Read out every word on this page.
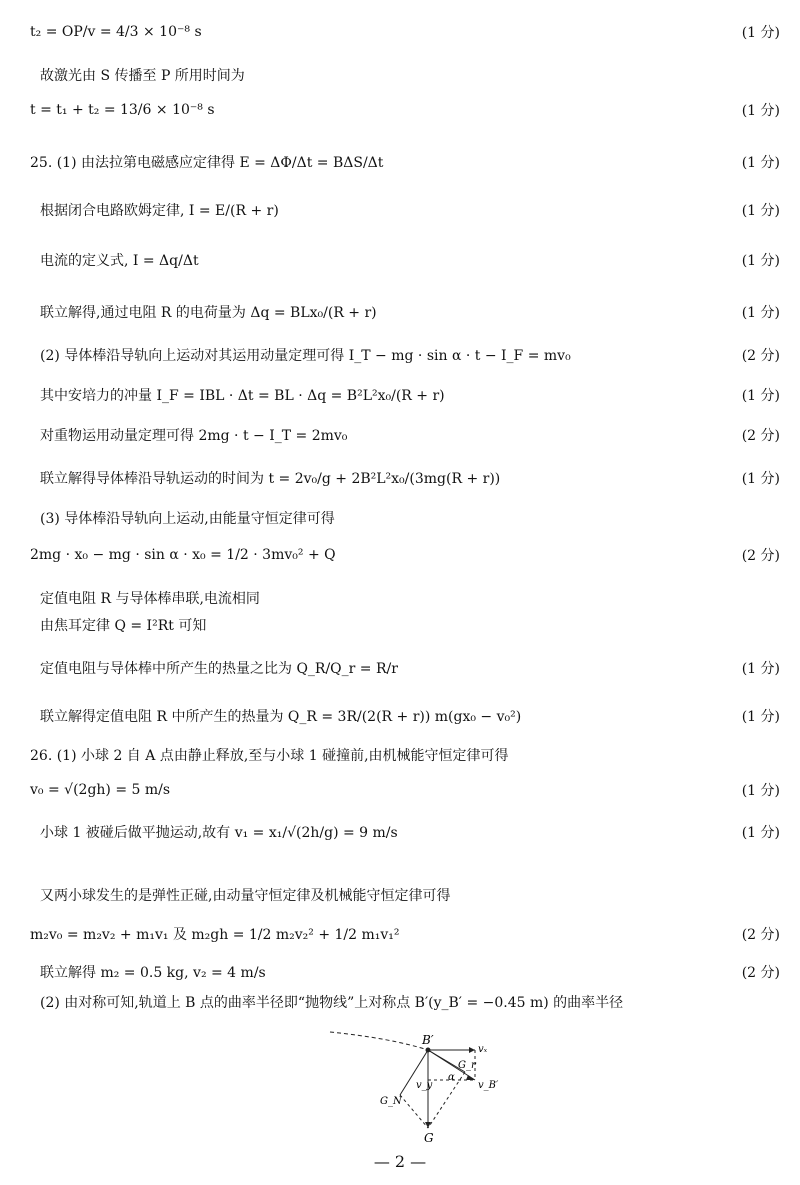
t₂ = OP/v = 4/3 × 10⁻⁸ s	(1 分)
故激光由 S 传播至 P 所用时间为
t = t₁ + t₂ = 13/6 × 10⁻⁸ s	(1 分)
25. (1) 由法拉第电磁感应定律得 E = ΔΦ/Δt = BΔS/Δt	(1 分)
根据闭合电路欧姆定律, I = E/(R + r)	(1 分)
电流的定义式, I = Δq/Δt	(1 分)
联立解得,通过电阻 R 的电荷量为 Δq = BLx₀/(R + r)	(1 分)
(2) 导体棒沿导轨向上运动对其运用动量定理可得 I_T − mg · sin α · t − I_F = mv₀	(2 分)
其中安培力的冲量 I_F = IBL · Δt = BL · Δq = B²L²x₀/(R + r)	(1 分)
对重物运用动量定理可得 2mg · t − I_T = 2mv₀	(2 分)
联立解得导体棒沿导轨运动的时间为 t = 2v₀/g + 2B²L²x₀/(3mg(R + r))	(1 分)
(3) 导体棒沿导轨向上运动,由能量守恒定律可得
2mg · x₀ − mg · sin α · x₀ = 1/2 · 3mv₀² + Q	(2 分)
定值电阻 R 与导体棒串联,电流相同
由焦耳定律 Q = I²Rt 可知
定值电阻与导体棒中所产生的热量之比为 Q_R/Q_r = R/r	(1 分)
联立解得定值电阻 R 中所产生的热量为 Q_R = 3R/(2(R + r)) m(gx₀ − v₀²)	(1 分)
26. (1) 小球 2 自 A 点由静止释放,至与小球 1 碰撞前,由机械能守恒定律可得
v₀ = √(2gh) = 5 m/s	(1 分)
小球 1 被碰后做平抛运动,故有 v₁ = x₁/√(2h/g) = 9 m/s	(1 分)
又两小球发生的是弹性正碰,由动量守恒定律及机械能守恒定律可得
m₂v₀ = m₂v₂ + m₁v₁ 及 m₂gh = 1/2 m₂v₂² + 1/2 m₁v₁²	(2 分)
联立解得 m₂ = 0.5 kg, v₂ = 4 m/s	(2 分)
(2) 由对称可知,轨道上 B 点的曲率半径即“抛物线”上对称点 B′(y_B′ = −0.45 m) 的曲率半径
B′
vₓ
G_r
α
v_y	v_B′
G_N
G
— 2 —
